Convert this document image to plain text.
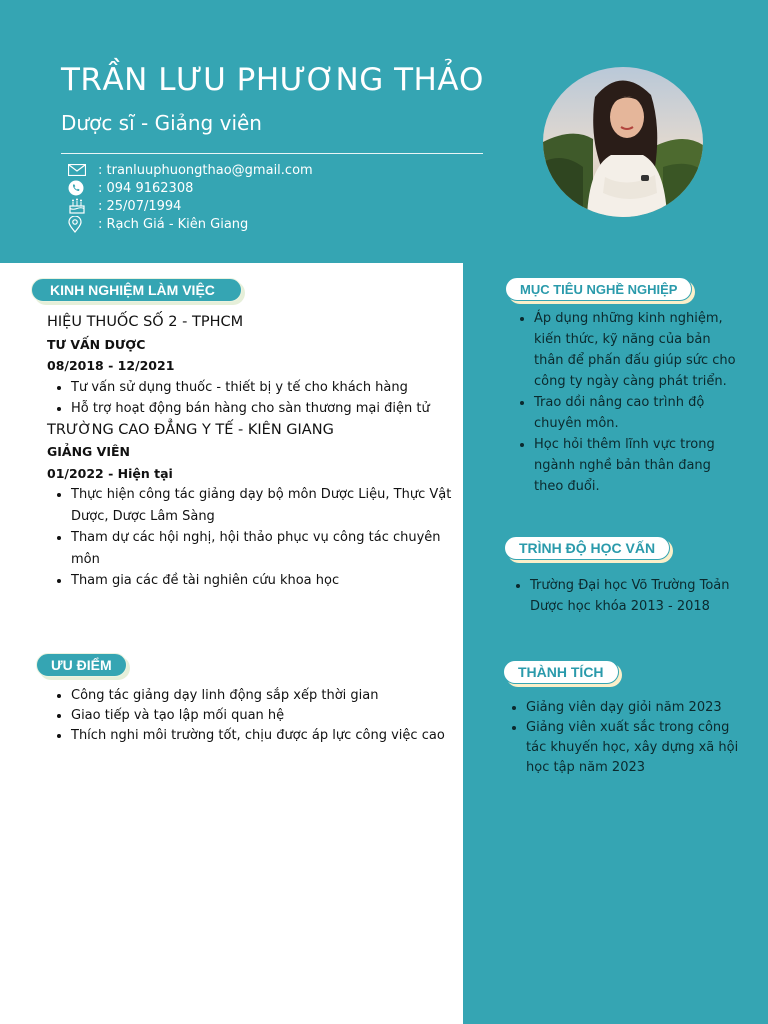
TRẦN LƯU PHƯƠNG THẢO
Dược sĩ - Giảng viên
: tranluuphuongthao@gmail.com
: 094 9162308
: 25/07/1994
: Rạch Giá - Kiên Giang
KINH NGHIỆM LÀM VIỆC
HIỆU THUỐC SỐ 2 - TPHCM
TƯ VẤN DƯỢC
08/2018 - 12/2021
• Tư vấn sử dụng thuốc - thiết bị y tế cho khách hàng
• Hỗ trợ hoạt động bán hàng cho sàn thương mại điện tử
TRƯỜNG CAO ĐẲNG Y TẾ - KIÊN GIANG
GIẢNG VIÊN
01/2022 - Hiện tại
• Thực hiện công tác giảng dạy bộ môn Dược Liệu, Thực Vật Dược, Dược Lâm Sàng
• Tham dự các hội nghị, hội thảo phục vụ công tác chuyên môn
• Tham gia các đề tài nghiên cứu khoa học
ƯU ĐIỂM
• Công tác giảng dạy linh động sắp xếp thời gian
• Giao tiếp và tạo lập mối quan hệ
• Thích nghi môi trường tốt, chịu được áp lực công việc cao
MỤC TIÊU NGHỀ NGHIỆP
• Áp dụng những kinh nghiệm, kiến thức, kỹ năng của bản thân để phấn đấu giúp sức cho công ty ngày càng phát triển.
• Trao dồi nâng cao trình độ chuyên môn.
• Học hỏi thêm lĩnh vực trong ngành nghề bản thân đang theo đuổi.
TRÌNH ĐỘ HỌC VẤN
• Trường Đại học Võ Trường Toản Dược học khóa 2013 - 2018
THÀNH TÍCH
• Giảng viên dạy giỏi năm 2023
• Giảng viên xuất sắc trong công tác khuyến học, xây dựng xã hội học tập năm 2023
